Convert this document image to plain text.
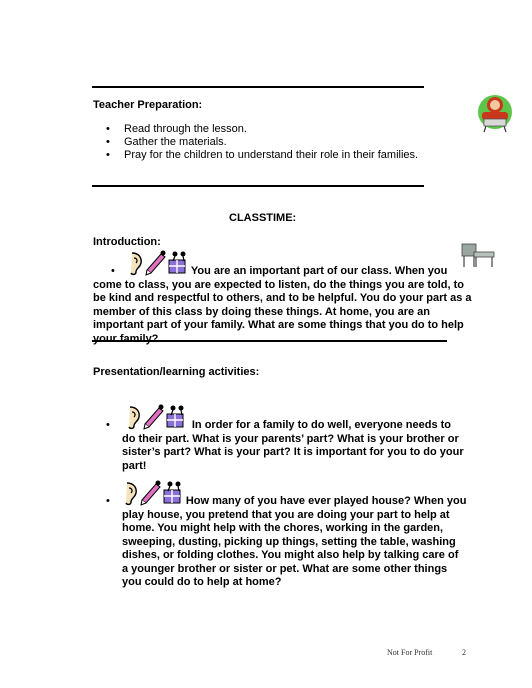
Teacher Preparation:
• Read through the lesson.
• Gather the materials.
• Pray for the children to understand their role in their families.
CLASSTIME:
Introduction:

•	You are an important part of our class. When you come to class, you are expected to listen, do the things you are told, to be kind and respectful to others, and to be helpful. You do your part as a member of this class by doing these things. At home, you are an important part of your family. What are some things that you do to help your family?

Presentation/learning activities:

•	In order for a family to do well, everyone needs to do their part. What is your parents’ part? What is your brother or sister’s part? What is your part? It is important for you to do your part!

•	How many of you have ever played house? When you play house, you pretend that you are doing your part to help at home. You might help with the chores, working in the garden, sweeping, dusting, picking up things, setting the table, washing dishes, or folding clothes. You might also help by talking care of a younger brother or sister or pet. What are some other things you could do to help at home?

Not For Profit	2
